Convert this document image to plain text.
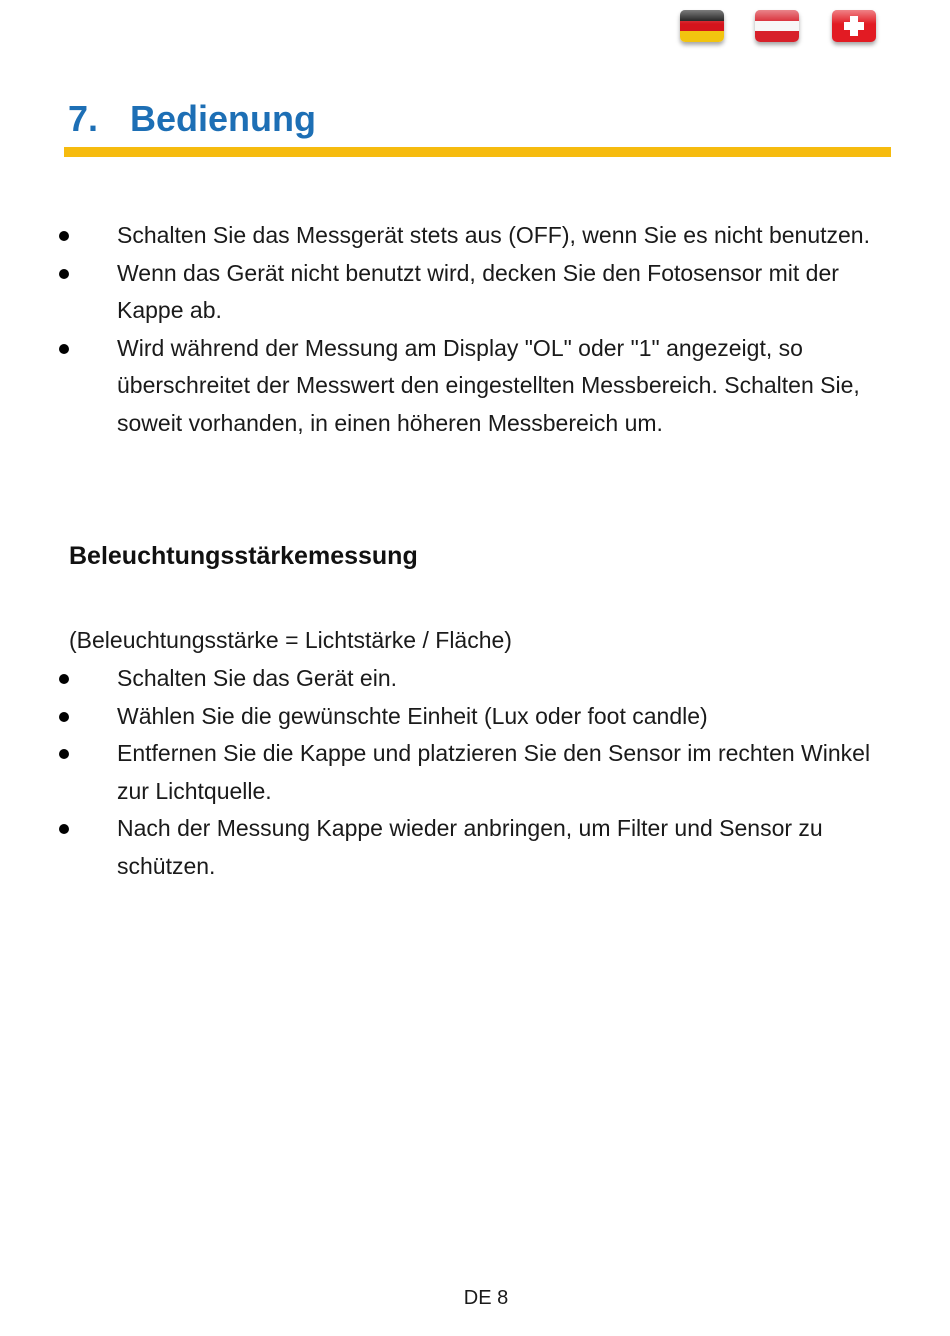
7. Bedienung
Schalten Sie das Messgerät stets aus (OFF), wenn Sie es nicht benutzen.
Wenn das Gerät nicht benutzt wird, decken Sie den Fotosensor mit der Kappe ab.
Wird während der Messung am Display "OL" oder "1" angezeigt, so überschreitet der Messwert den eingestellten Messbereich. Schalten Sie, soweit vorhanden, in einen höheren Messbereich um.
Beleuchtungsstärkemessung

(Beleuchtungsstärke = Lichtstärke / Fläche)

Schalten Sie das Gerät ein.
Wählen Sie die gewünschte Einheit (Lux oder foot candle)
Entfernen Sie die Kappe und platzieren Sie den Sensor im rechten Winkel zur Lichtquelle.
Nach der Messung Kappe wieder anbringen, um Filter und Sensor zu schützen.
DE 8
